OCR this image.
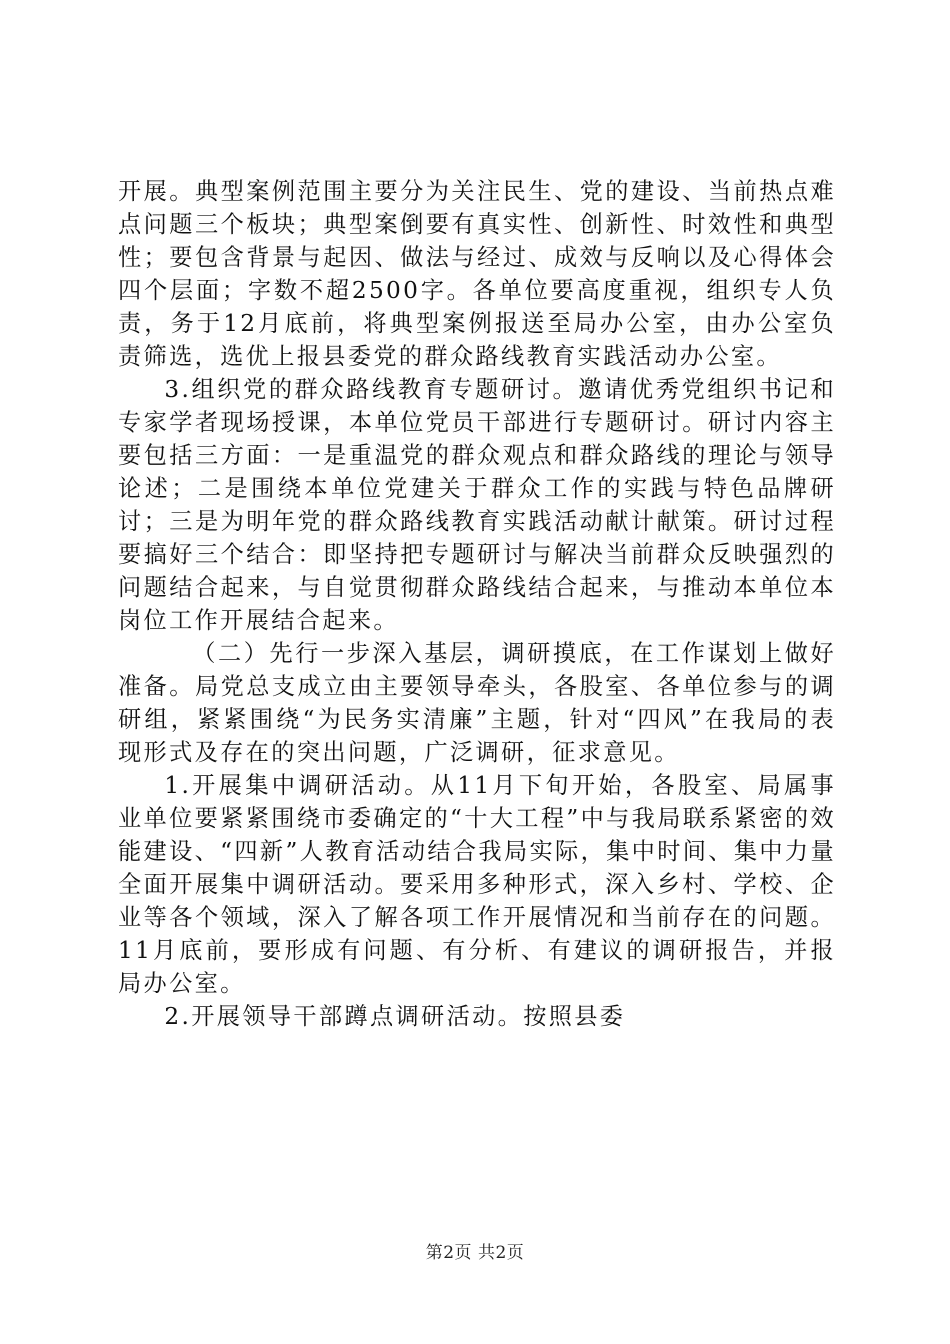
开展。典型案例范围主要分为关注民生、党的建设、当前热点难点问题三个板块；典型案倒要有真实性、创新性、时效性和典型性；要包含背景与起因、做法与经过、成效与反响以及心得体会四个层面；字数不超2500字。各单位要高度重视，组织专人负责，务于12月底前，将典型案例报送至局办公室，由办公室负责筛选，选优上报县委党的群众路线教育实践活动办公室。

3.组织党的群众路线教育专题研讨。邀请优秀党组织书记和专家学者现场授课，本单位党员干部进行专题研讨。研讨内容主要包括三方面：一是重温党的群众观点和群众路线的理论与领导论述；二是围绕本单位党建关于群众工作的实践与特色品牌研讨；三是为明年党的群众路线教育实践活动献计献策。研讨过程要搞好三个结合：即坚持把专题研讨与解决当前群众反映强烈的问题结合起来，与自觉贯彻群众路线结合起来，与推动本单位本岗位工作开展结合起来。

（二）先行一步深入基层，调研摸底，在工作谋划上做好准备。局党总支成立由主要领导牵头，各股室、各单位参与的调研组，紧紧围绕“为民务实清廉”主题，针对“四风”在我局的表现形式及存在的突出问题，广泛调研，征求意见。

1.开展集中调研活动。从11月下旬开始，各股室、局属事业单位要紧紧围绕市委确定的“十大工程”中与我局联系紧密的效能建设、“四新”人教育活动结合我局实际，集中时间、集中力量全面开展集中调研活动。要采用多种形式，深入乡村、学校、企业等各个领域，深入了解各项工作开展情况和当前存在的问题。11月底前，要形成有问题、有分析、有建议的调研报告，并报局办公室。

2.开展领导干部蹲点调研活动。按照县委

第2页 共2页
